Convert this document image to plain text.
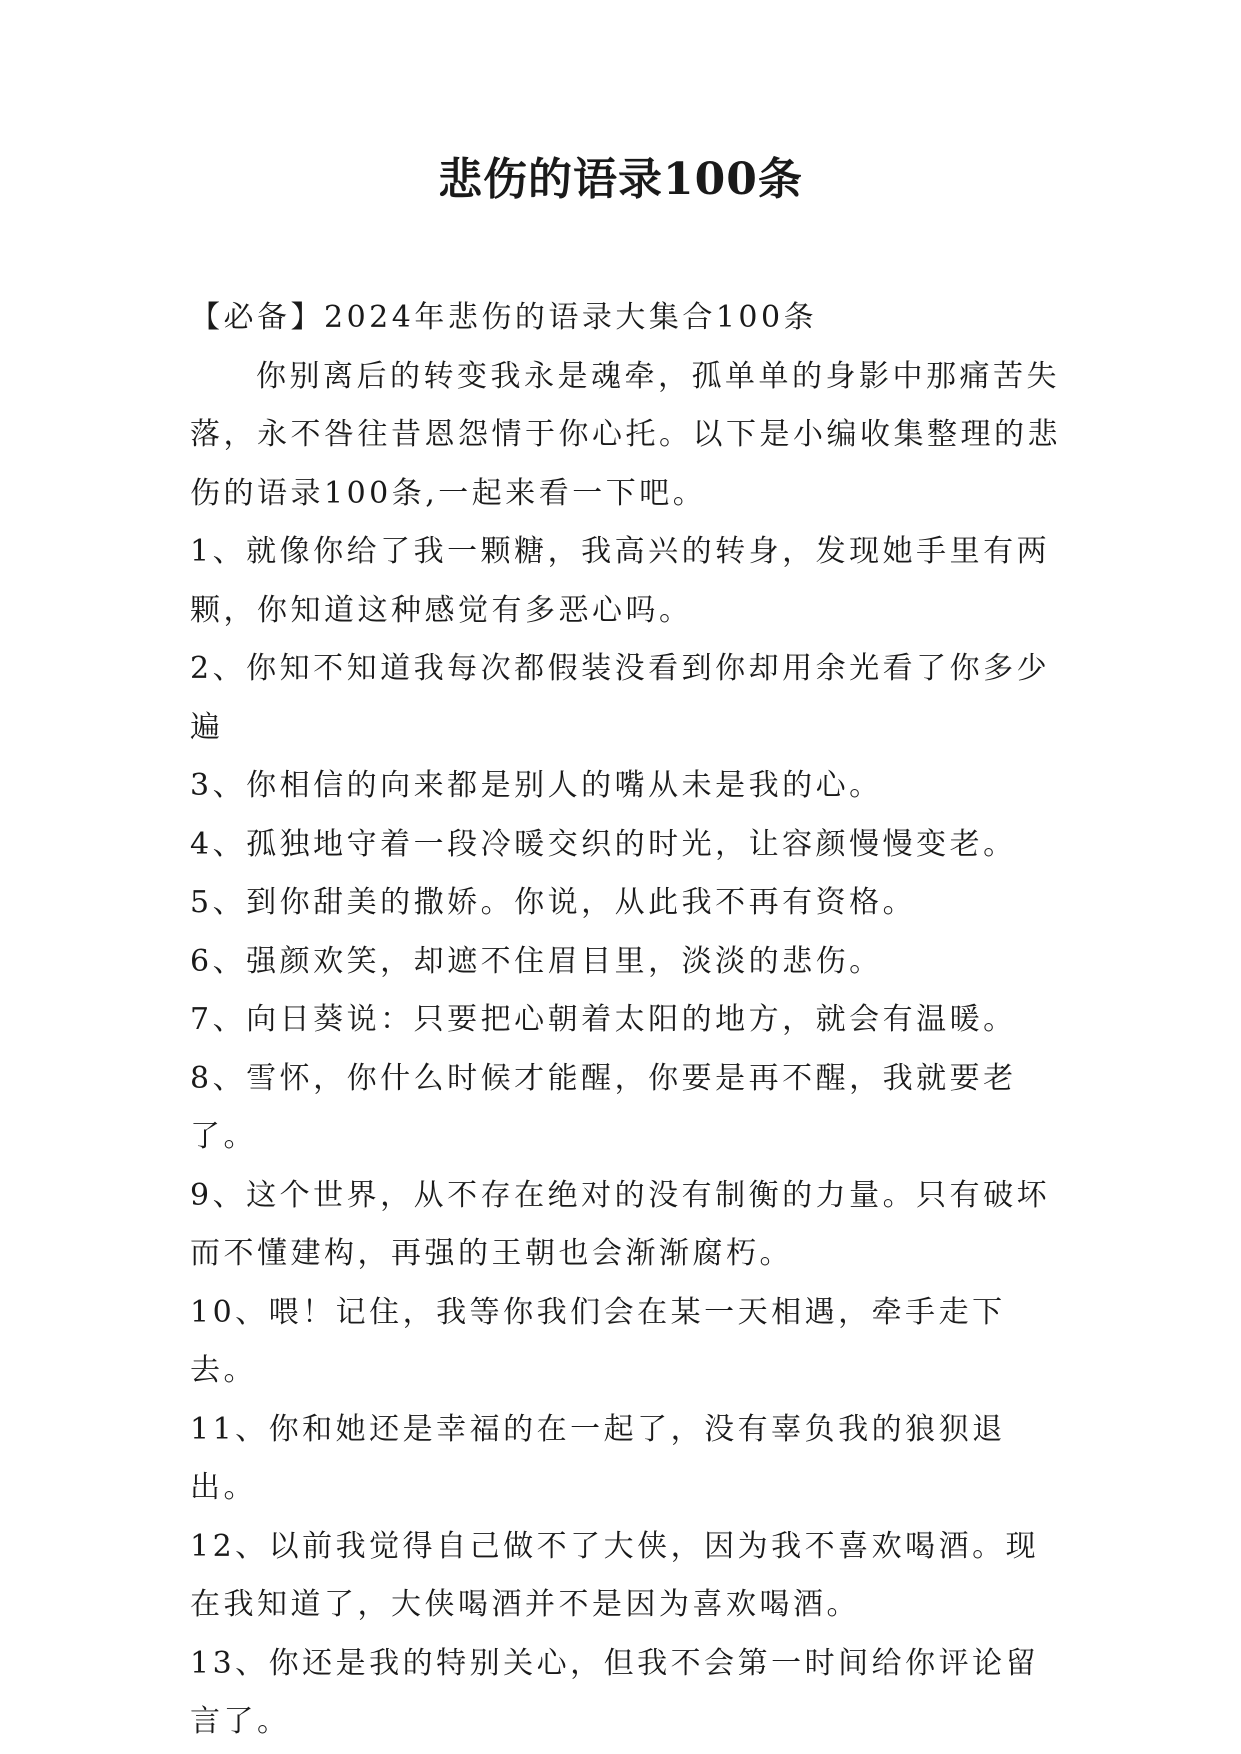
悲伤的语录100条

【必备】2024年悲伤的语录大集合100条

你别离后的转变我永是魂牵，孤单单的身影中那痛苦失落，永不咎往昔恩怨情于你心托。以下是小编收集整理的悲伤的语录100条,一起来看一下吧。

1、就像你给了我一颗糖，我高兴的转身，发现她手里有两颗，你知道这种感觉有多恶心吗。

2、你知不知道我每次都假装没看到你却用余光看了你多少遍

3、你相信的向来都是别人的嘴从未是我的心。

4、孤独地守着一段冷暖交织的时光，让容颜慢慢变老。

5、到你甜美的撒娇。你说，从此我不再有资格。

6、强颜欢笑，却遮不住眉目里，淡淡的悲伤。

7、向日葵说：只要把心朝着太阳的地方，就会有温暖。

8、雪怀，你什么时候才能醒，你要是再不醒，我就要老了。

9、这个世界，从不存在绝对的没有制衡的力量。只有破坏而不懂建构，再强的王朝也会渐渐腐朽。

10、喂！记住，我等你我们会在某一天相遇，牵手走下去。

11、你和她还是幸福的在一起了，没有辜负我的狼狈退出。

12、以前我觉得自己做不了大侠，因为我不喜欢喝酒。现在我知道了，大侠喝酒并不是因为喜欢喝酒。

13、你还是我的特别关心，但我不会第一时间给你评论留言了。
